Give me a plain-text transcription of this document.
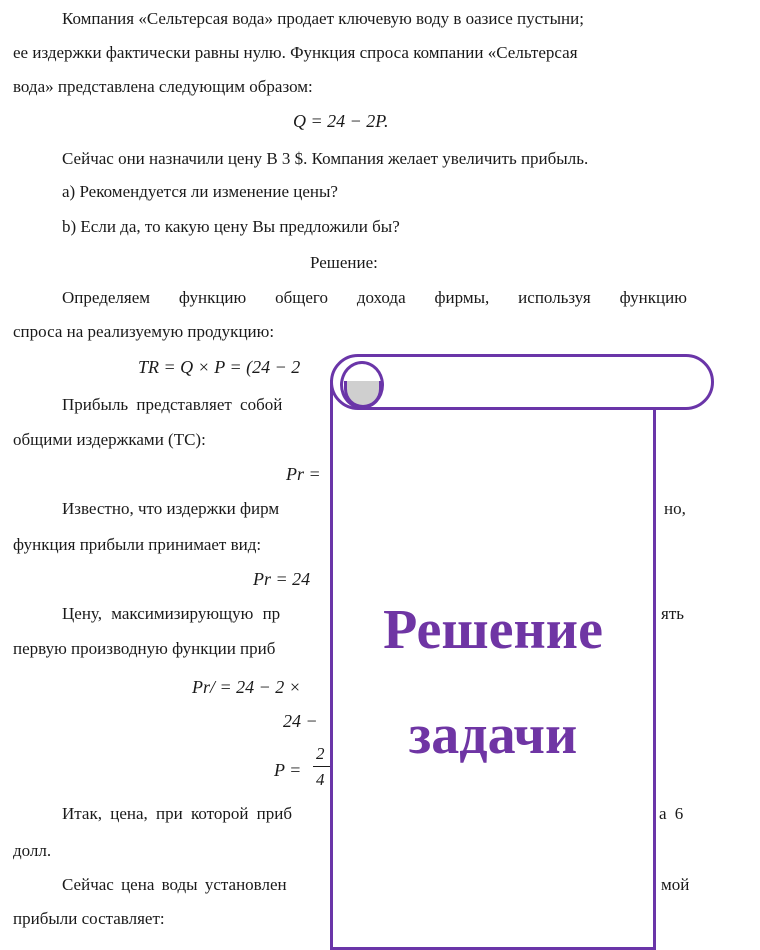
Компания «Сельтерсая вода» продает ключевую воду в оазисе пустыни;

ее издержки фактически равны нулю. Функция спроса компании «Сельтерсая

вода» представлена следующим образом:

Q = 24 − 2P.

Сейчас они назначили цену В 3 $. Компания желает увеличить прибыль.

а) Рекомендуется ли изменение цены?

b) Если да, то какую цену Вы предложили бы?

Решение:

Определяем функцию общего дохода фирмы, используя функцию

спроса на реализуемую продукцию:

TR = Q × P = (24 − 2

Прибыль представляет собой

общими издержками (TC):

Pr =

Известно, что издержки фирм	но,

функция прибыли принимает вид:

Pr = 24

Цену, максимизирующую пр	ять

первую производную функции приб

Pr/ = 24 − 2 ×

24 −

P =

2
4

Итак, цена, при которой приб	а 6

долл.

Сейчас цена воды установлен	мой

прибыли составляет:

Решение

задачи
